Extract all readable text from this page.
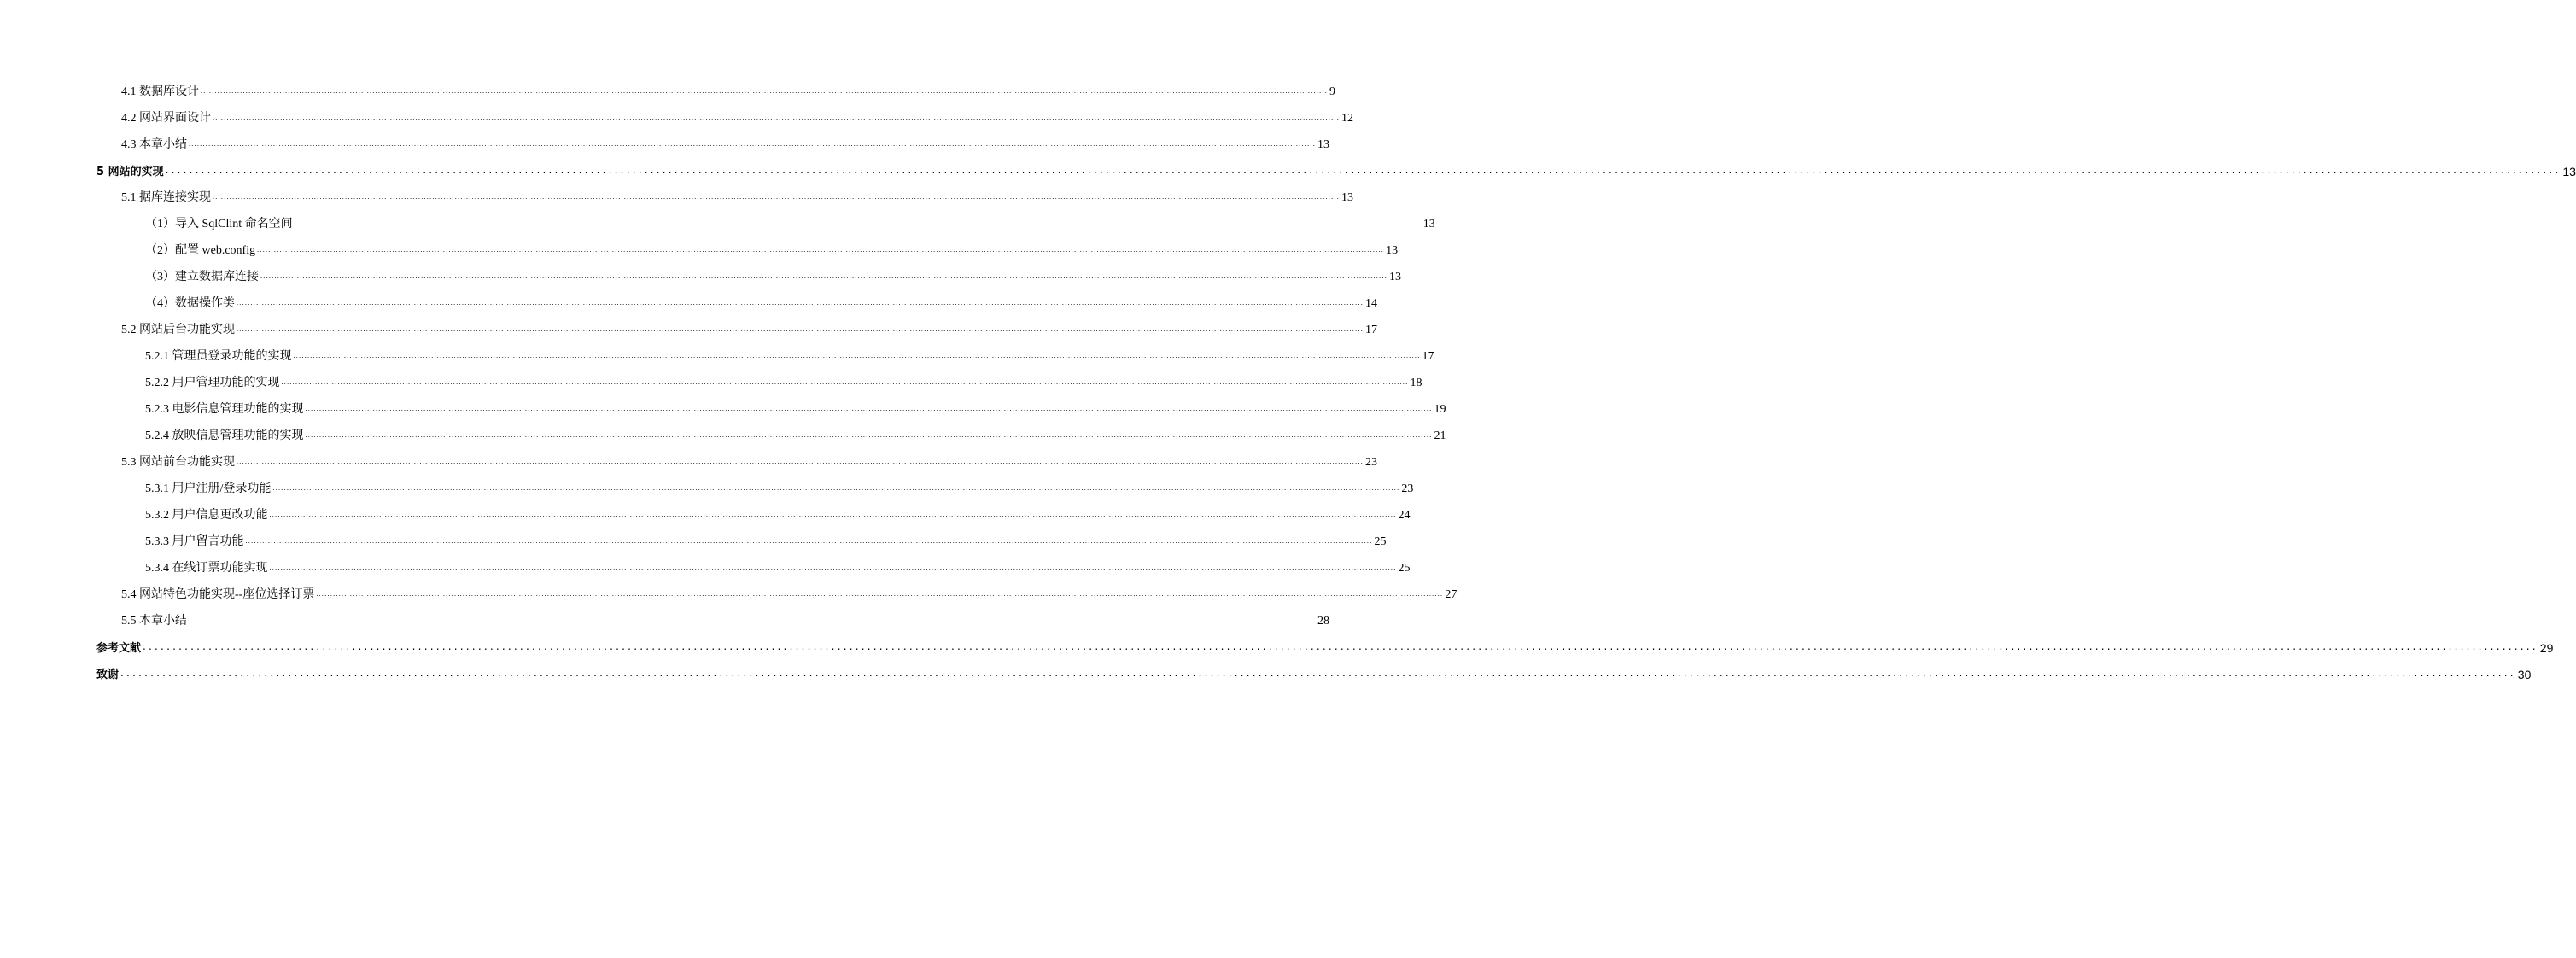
4.1 数据库设计 ................................................................................................................................................................................................................................................................................................................................................................................................................ 9
4.2 网站界面设计 ................................................................................................................................................................................................................................................................................................................................................................................................................ 12
4.3 本章小结 ................................................................................................................................................................................................................................................................................................................................................................................................................ 13
5 网站的实现 ................................................................................................................................................................................................................................................................................................................................................................................................................ 13
5.1 据库连接实现 ................................................................................................................................................................................................................................................................................................................................................................................................................ 13
（1）导入 SqlClint 命名空间 ................................................................................................................................................................................................................................................................................................................................................................................................................ 13
（2）配置 web.config ................................................................................................................................................................................................................................................................................................................................................................................................................ 13
（3）建立数据库连接 ................................................................................................................................................................................................................................................................................................................................................................................................................ 13
（4）数据操作类 ................................................................................................................................................................................................................................................................................................................................................................................................................ 14
5.2 网站后台功能实现 ................................................................................................................................................................................................................................................................................................................................................................................................................ 17
5.2.1 管理员登录功能的实现 ................................................................................................................................................................................................................................................................................................................................................................................................................ 17
5.2.2 用户管理功能的实现 ................................................................................................................................................................................................................................................................................................................................................................................................................ 18
5.2.3 电影信息管理功能的实现 ................................................................................................................................................................................................................................................................................................................................................................................................................ 19
5.2.4 放映信息管理功能的实现 ................................................................................................................................................................................................................................................................................................................................................................................................................ 21
5.3 网站前台功能实现 ................................................................................................................................................................................................................................................................................................................................................................................................................ 23
5.3.1 用户注册/登录功能 ................................................................................................................................................................................................................................................................................................................................................................................................................ 23
5.3.2 用户信息更改功能 ................................................................................................................................................................................................................................................................................................................................................................................................................ 24
5.3.3 用户留言功能 ................................................................................................................................................................................................................................................................................................................................................................................................................ 25
5.3.4 在线订票功能实现 ................................................................................................................................................................................................................................................................................................................................................................................................................ 25
5.4 网站特色功能实现--座位选择订票 ................................................................................................................................................................................................................................................................................................................................................................................................................ 27
5.5 本章小结 ................................................................................................................................................................................................................................................................................................................................................................................................................ 28
参考文献 ................................................................................................................................................................................................................................................................................................................................................................................................................ 29
致谢 ................................................................................................................................................................................................................................................................................................................................................................................................................ 30
